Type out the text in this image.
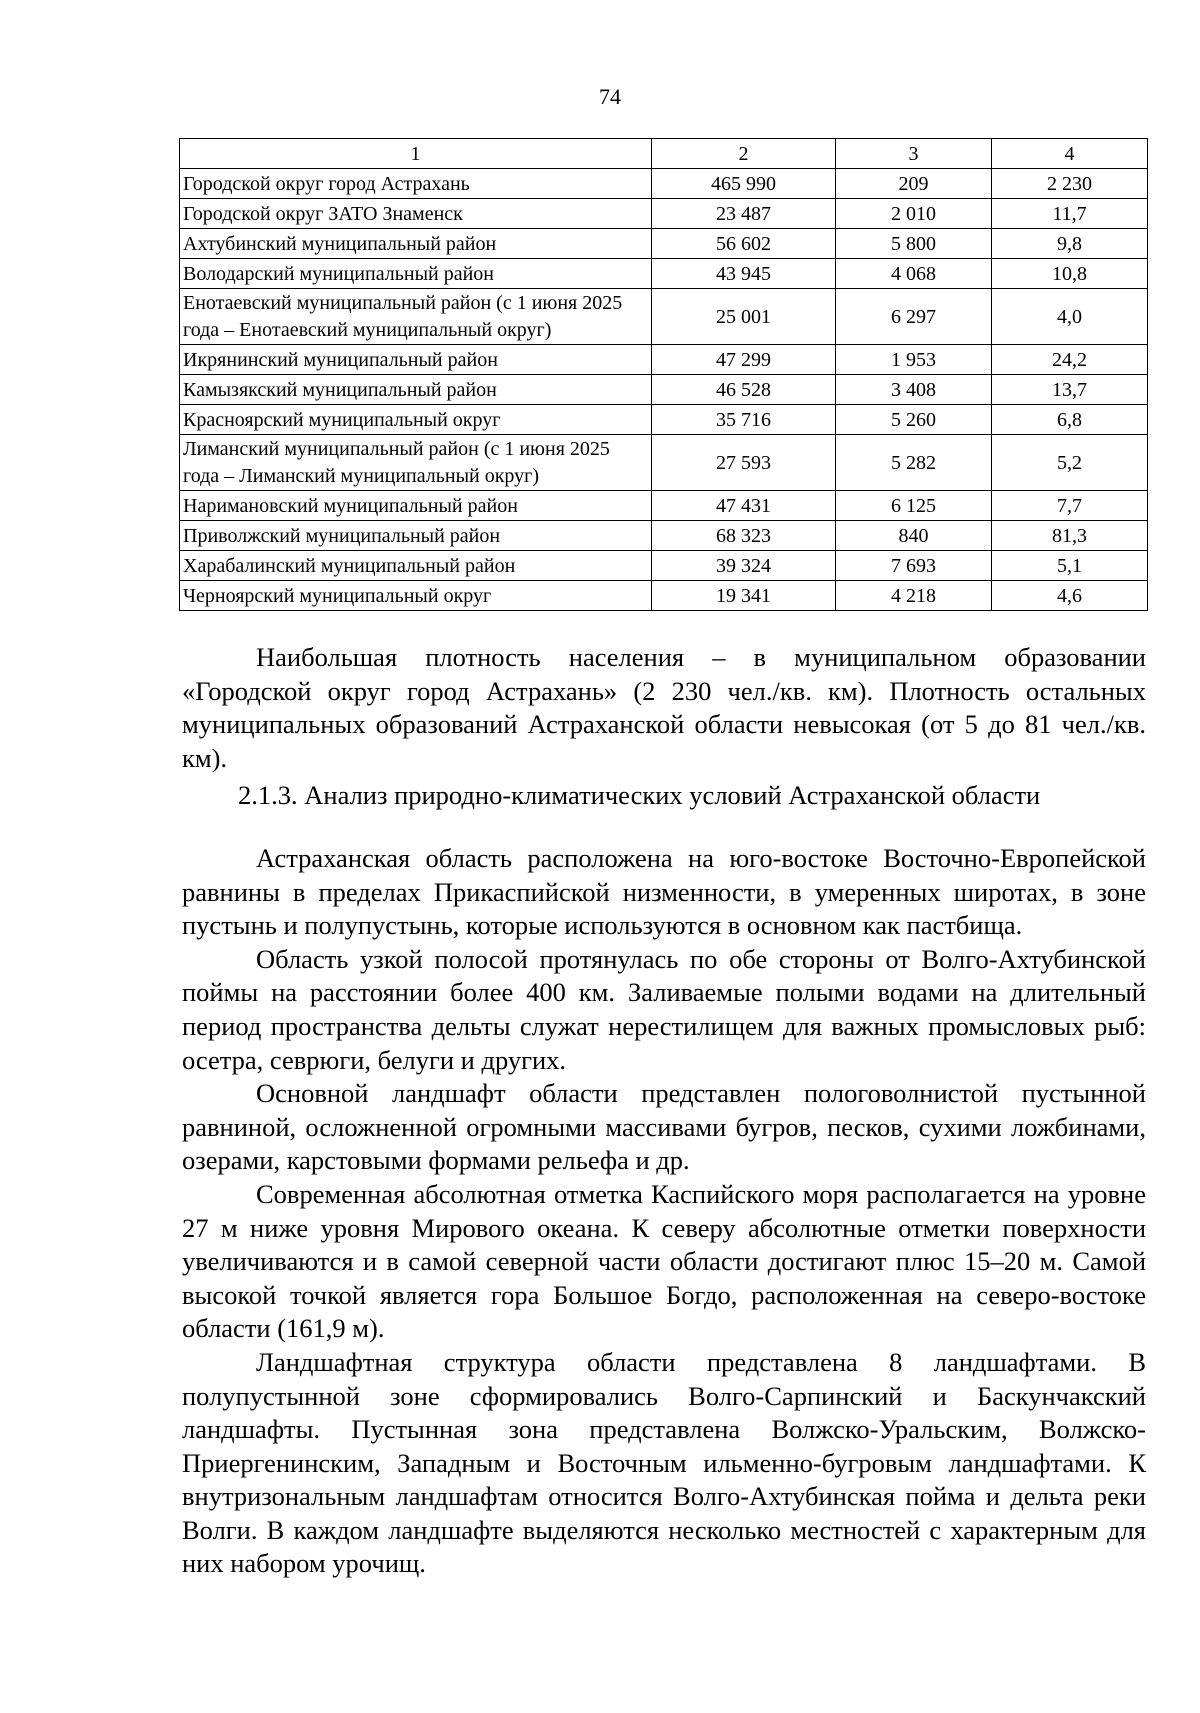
74
1	2	3	4
Городской округ город Астрахань	465 990	209	2 230
Городской округ ЗАТО Знаменск	23 487	2 010	11,7
Ахтубинский муниципальный район	56 602	5 800	9,8
Володарский муниципальный район	43 945	4 068	10,8
Енотаевский муниципальный район (с 1 июня 2025 года – Енотаевский муниципальный округ)	25 001	6 297	4,0
Икрянинский муниципальный район	47 299	1 953	24,2
Камызякский муниципальный район	46 528	3 408	13,7
Красноярский муниципальный округ	35 716	5 260	6,8
Лиманский муниципальный район (с 1 июня 2025 года – Лиманский муниципальный округ)	27 593	5 282	5,2
Наримановский муниципальный район	47 431	6 125	7,7
Приволжский муниципальный район	68 323	840	81,3
Харабалинский муниципальный район	39 324	7 693	5,1
Черноярский муниципальный округ	19 341	4 218	4,6

Наибольшая плотность населения – в муниципальном образовании «Городской округ город Астрахань» (2 230 чел./кв. км). Плотность остальных муниципальных образований Астраханской области невысокая (от 5 до 81 чел./кв. км).

2.1.3. Анализ природно-климатических условий Астраханской области

Астраханская область расположена на юго-востоке Восточно-Европейской равнины в пределах Прикаспийской низменности, в умеренных широтах, в зоне пустынь и полупустынь, которые используются в основном как пастбища.

Область узкой полосой протянулась по обе стороны от Волго-Ахтубинской поймы на расстоянии более 400 км. Заливаемые полыми водами на длительный период пространства дельты служат нерестилищем для важных промысловых рыб: осетра, севрюги, белуги и других.

Основной ландшафт области представлен пологоволнистой пустынной равниной, осложненной огромными массивами бугров, песков, сухими ложбинами, озерами, карстовыми формами рельефа и др.

Современная абсолютная отметка Каспийского моря располагается на уровне 27 м ниже уровня Мирового океана. К северу абсолютные отметки поверхности увеличиваются и в самой северной части области достигают плюс 15–20 м. Самой высокой точкой является гора Большое Богдо, расположенная на северо-востоке области (161,9 м).

Ландшафтная структура области представлена 8 ландшафтами. В полупустынной зоне сформировались Волго-Сарпинский и Баскунчакский ландшафты. Пустынная зона представлена Волжско-Уральским, Волжско-Приергенинским, Западным и Восточным ильменно-бугровым ландшафтами. К внутризональным ландшафтам относится Волго-Ахтубинская пойма и дельта реки Волги. В каждом ландшафте выделяются несколько местностей с характерным для них набором урочищ.
